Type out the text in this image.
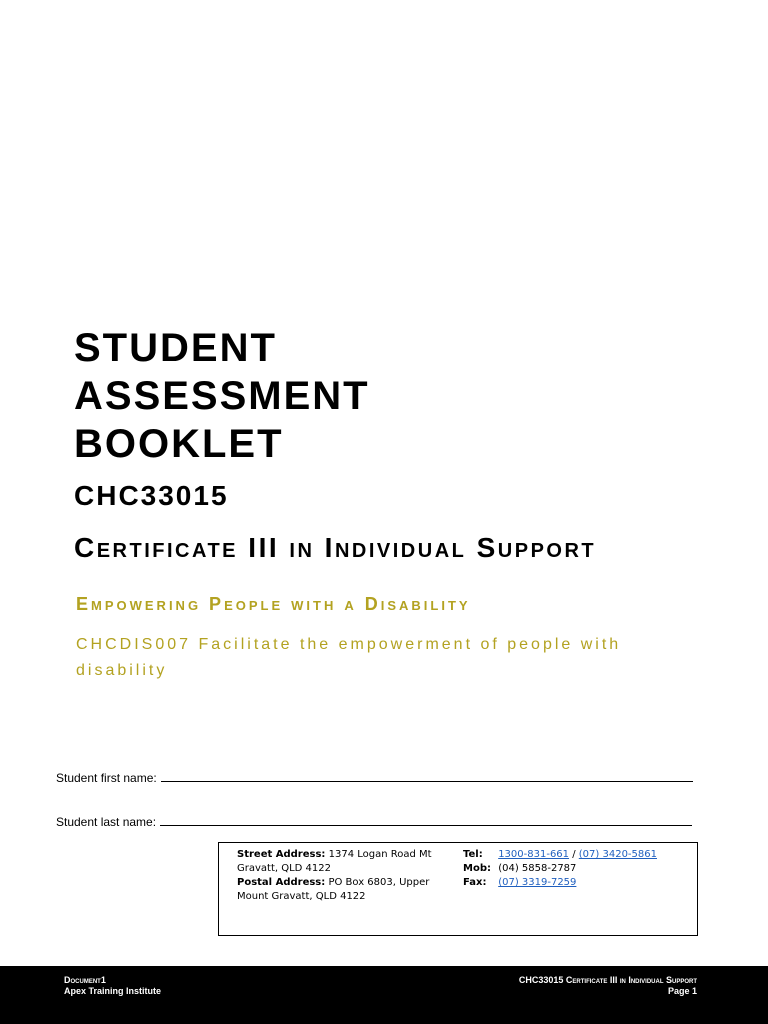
STUDENT
ASSESSMENT
BOOKLET
CHC33015
Certificate III in Individual Support
Empowering People with a Disability

CHCDIS007 Facilitate the empowerment of people with disability

Student first name:
Student last name:
Street Address: 1374 Logan Road Mt Gravatt, QLD 4122
Postal Address: PO Box 6803, Upper Mount Gravatt, QLD 4122
Tel: 1300-831-661 / (07) 3420-5861
Mob: (04) 5858-2787
Fax: (07) 3319-7259
Document1
Apex Training Institute
CHC33015 Certificate III in Individual Support
Page 1
